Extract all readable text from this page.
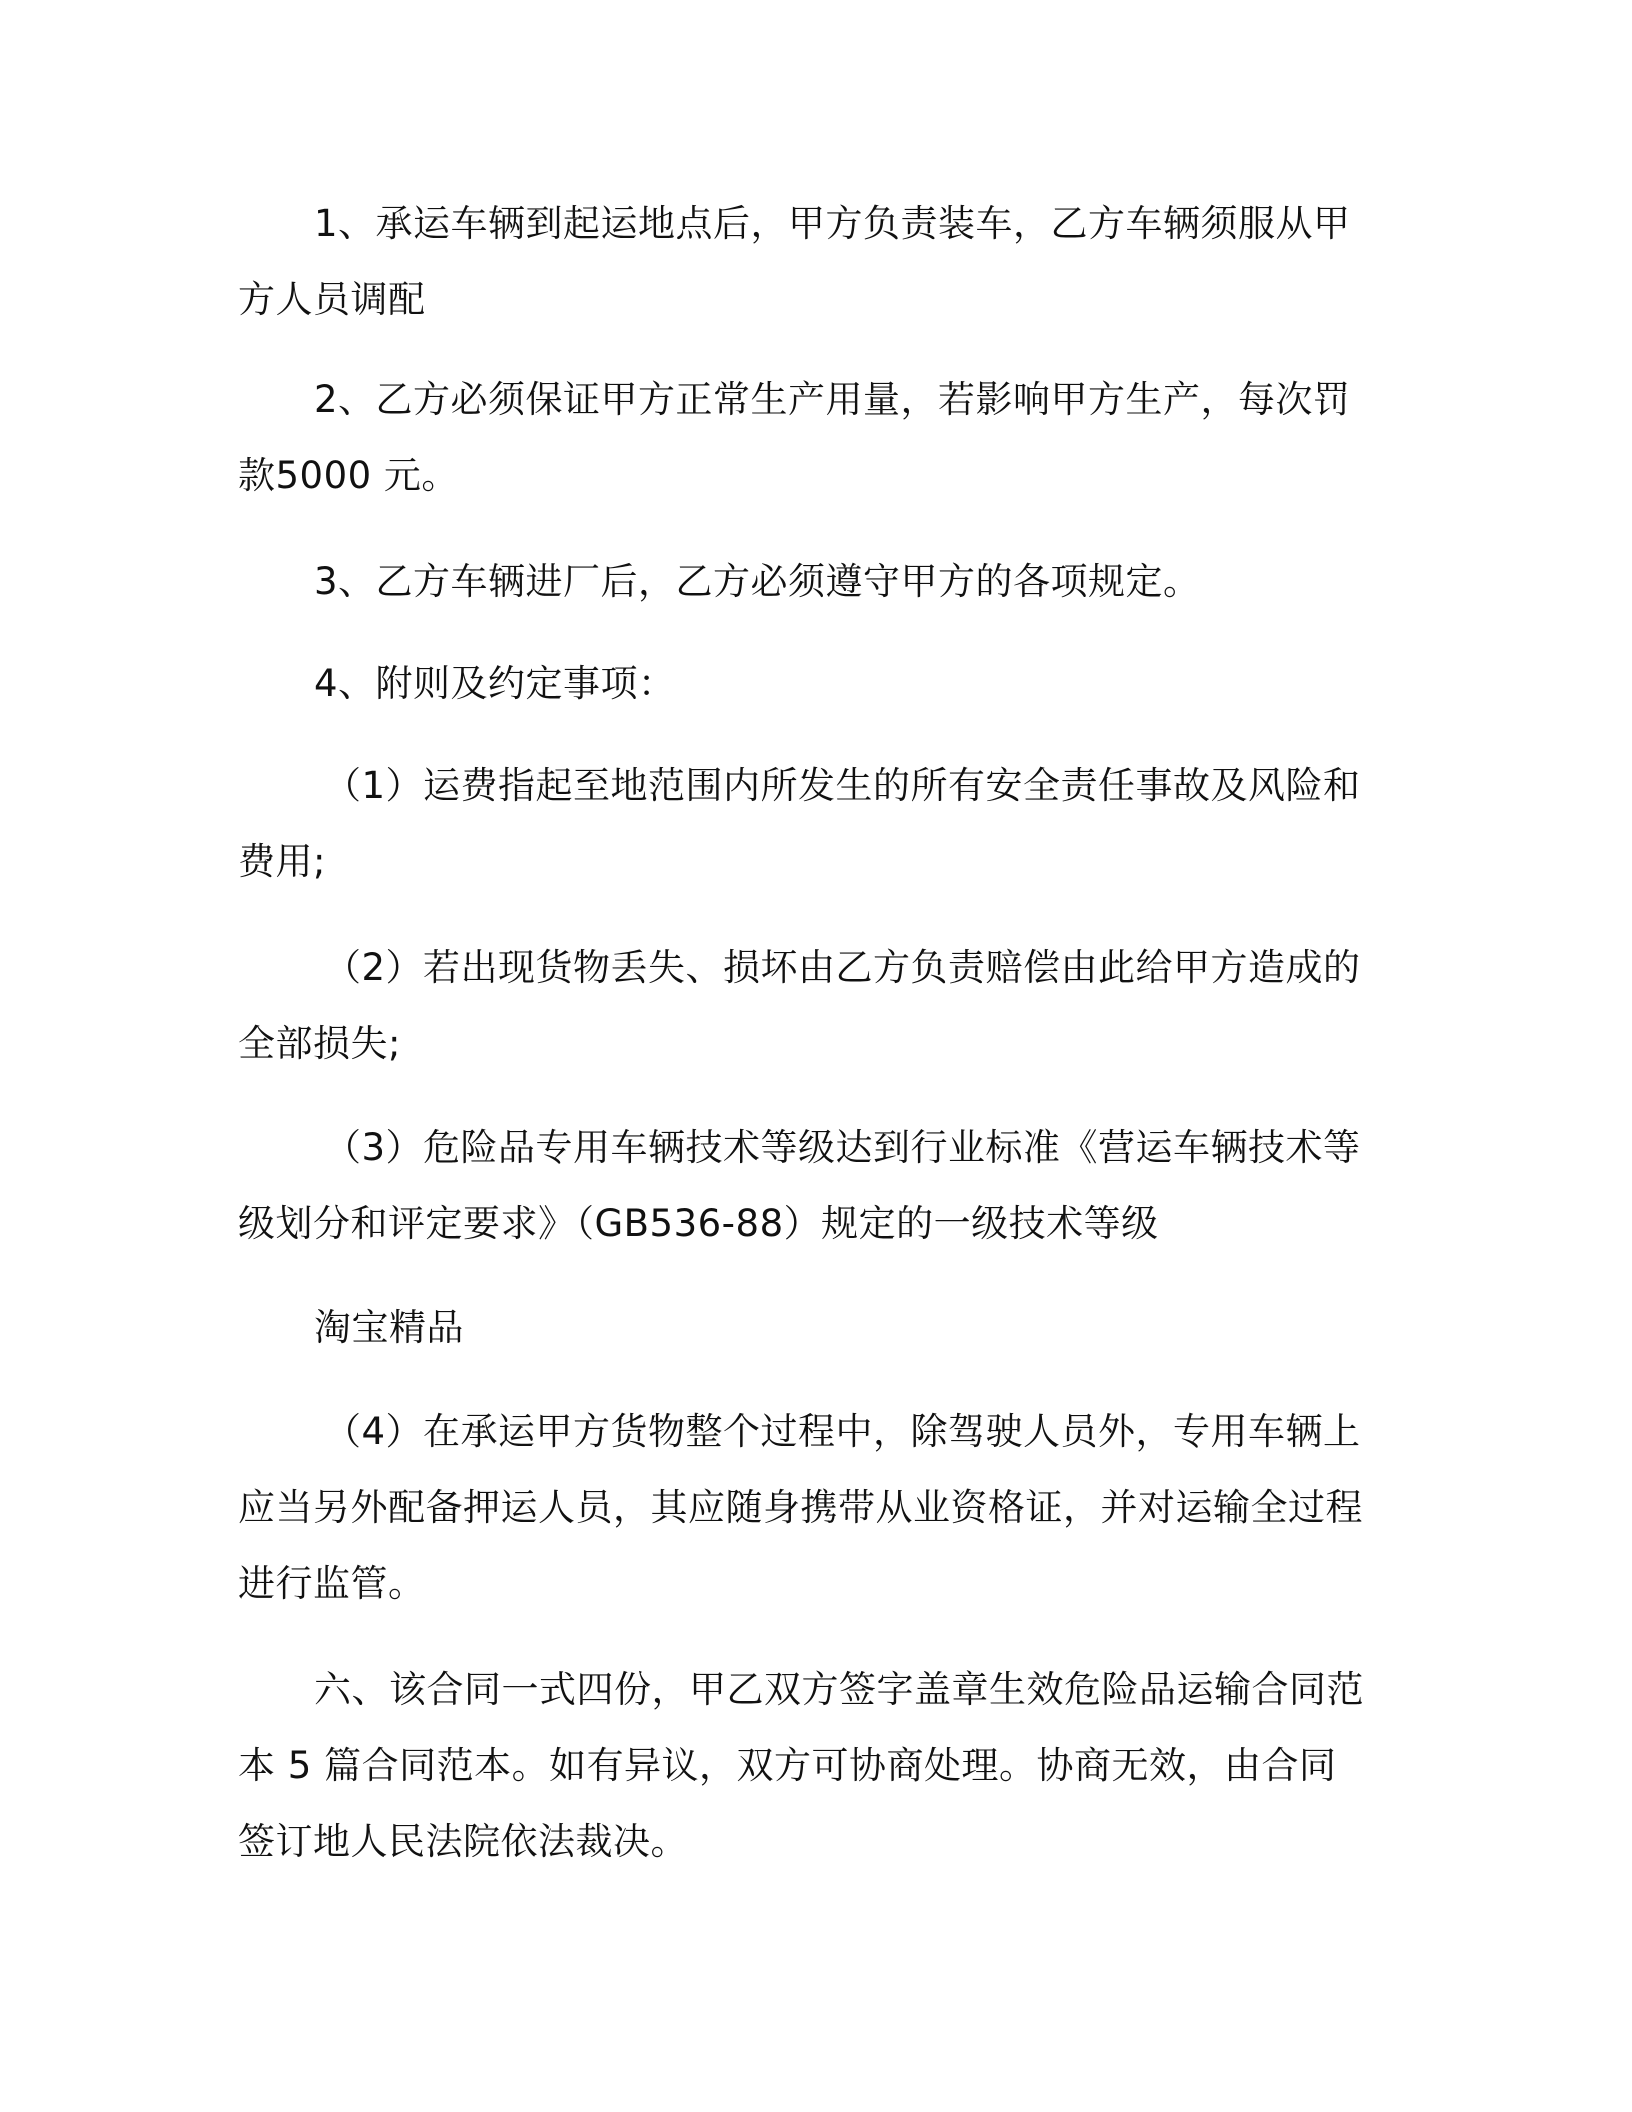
1、承运车辆到起运地点后，甲方负责装车，乙方车辆须服从甲方人员调配

2、乙方必须保证甲方正常生产用量，若影响甲方生产，每次罚款5000 元。

3、乙方车辆进厂后，乙方必须遵守甲方的各项规定。

4、附则及约定事项：

（1）运费指起至地范围内所发生的所有安全责任事故及风险和费用;

（2）若出现货物丢失、损坏由乙方负责赔偿由此给甲方造成的全部损失;

（3）危险品专用车辆技术等级达到行业标准《营运车辆技术等级划分和评定要求》（GB536-88）规定的一级技术等级

淘宝精品

（4）在承运甲方货物整个过程中，除驾驶人员外，专用车辆上应当另外配备押运人员，其应随身携带从业资格证，并对运输全过程进行监管。

六、该合同一式四份，甲乙双方签字盖章生效危险品运输合同范本 5 篇合同范本。如有异议，双方可协商处理。协商无效，由合同签订地人民法院依法裁决。
